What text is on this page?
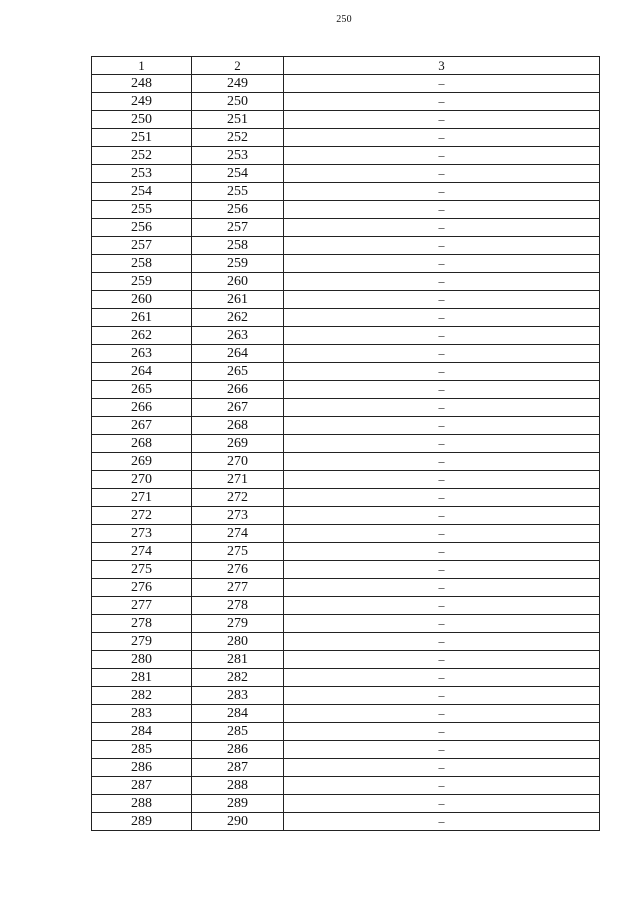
250
1	2	3
248	249	–
249	250	–
250	251	–
251	252	–
252	253	–
253	254	–
254	255	–
255	256	–
256	257	–
257	258	–
258	259	–
259	260	–
260	261	–
261	262	–
262	263	–
263	264	–
264	265	–
265	266	–
266	267	–
267	268	–
268	269	–
269	270	–
270	271	–
271	272	–
272	273	–
273	274	–
274	275	–
275	276	–
276	277	–
277	278	–
278	279	–
279	280	–
280	281	–
281	282	–
282	283	–
283	284	–
284	285	–
285	286	–
286	287	–
287	288	–
288	289	–
289	290	–
